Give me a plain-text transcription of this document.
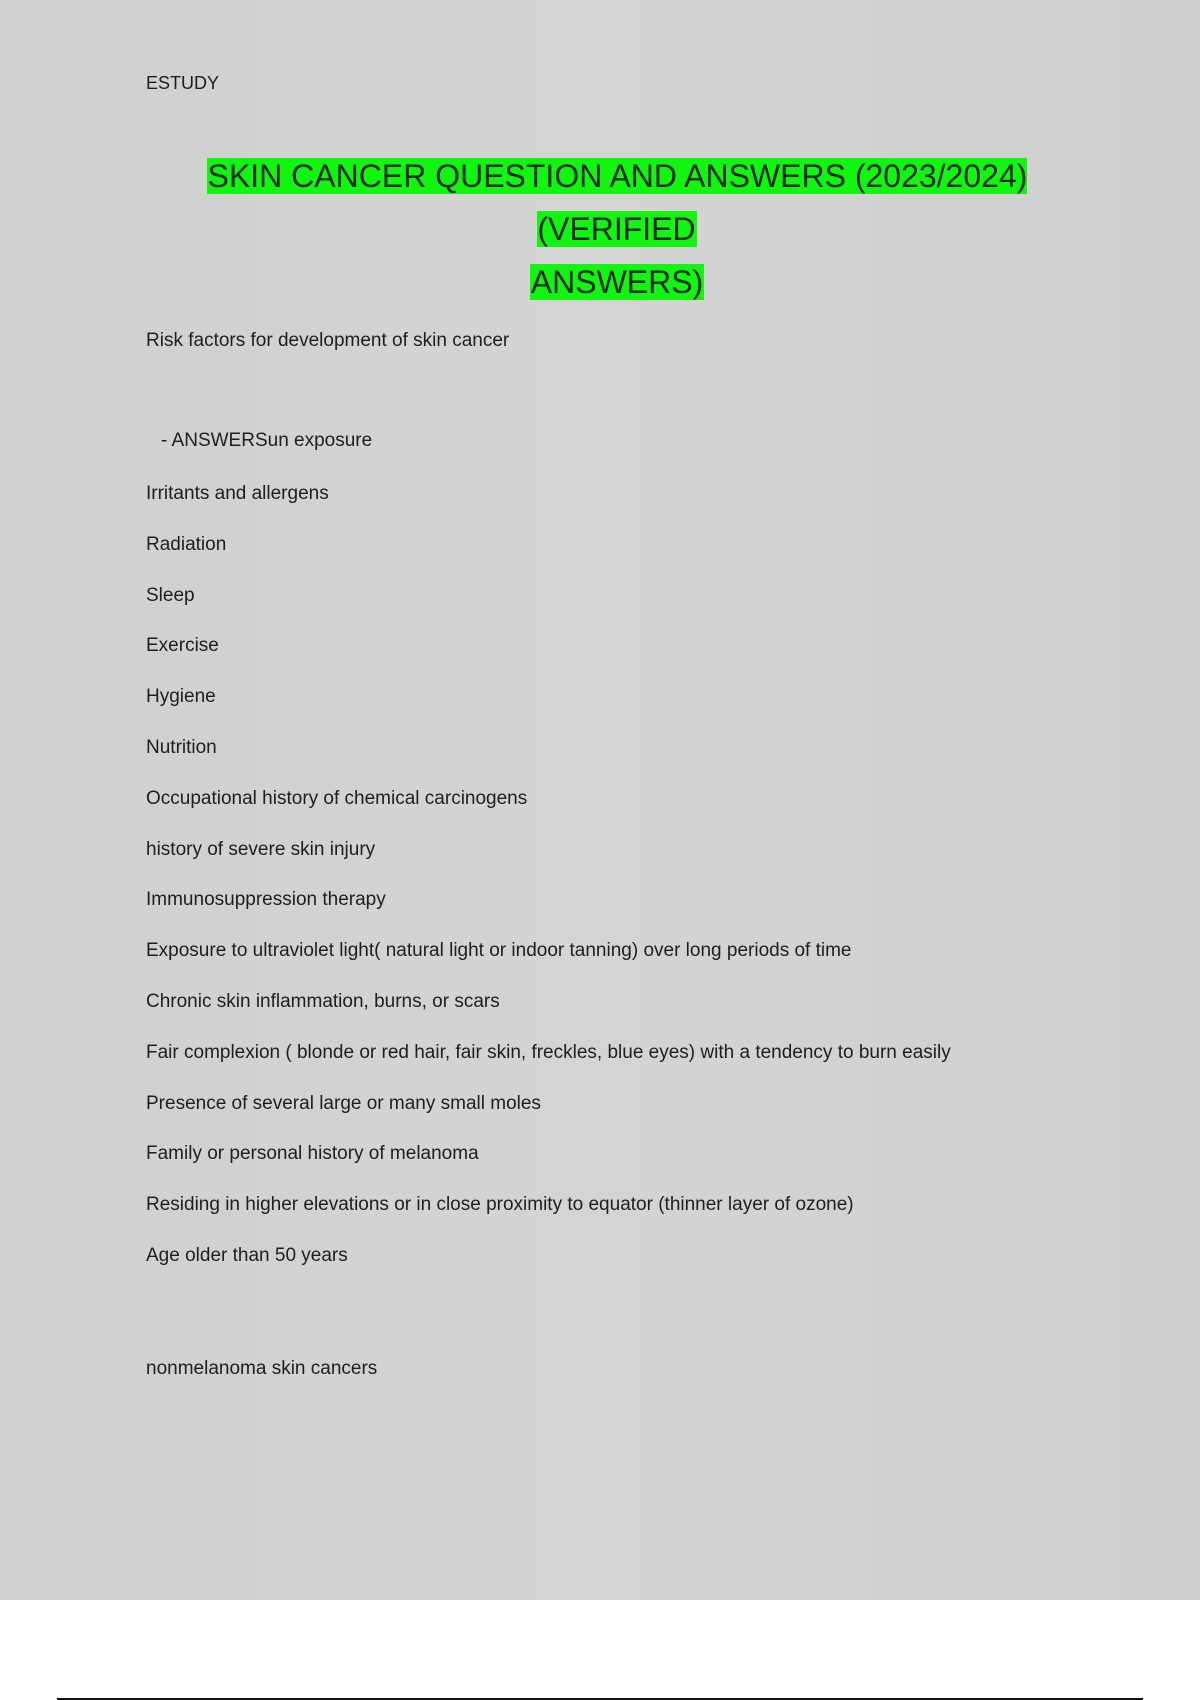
ESTUDY

SKIN CANCER QUESTION AND ANSWERS (2023/2024) (VERIFIED
ANSWERS)

Risk factors for development of skin cancer

- ANSWERSun exposure

Irritants and allergens
Radiation
Sleep
Exercise
Hygiene
Nutrition
Occupational history of chemical carcinogens
history of severe skin injury
Immunosuppression therapy
Exposure to ultraviolet light( natural light or indoor tanning) over long periods of time
Chronic skin inflammation, burns, or scars
Fair complexion ( blonde or red hair, fair skin, freckles, blue eyes) with a tendency to burn easily
Presence of several large or many small moles
Family or personal history of melanoma
Residing in higher elevations or in close proximity to equator (thinner layer of ozone)
Age older than 50 years

nonmelanoma skin cancers
